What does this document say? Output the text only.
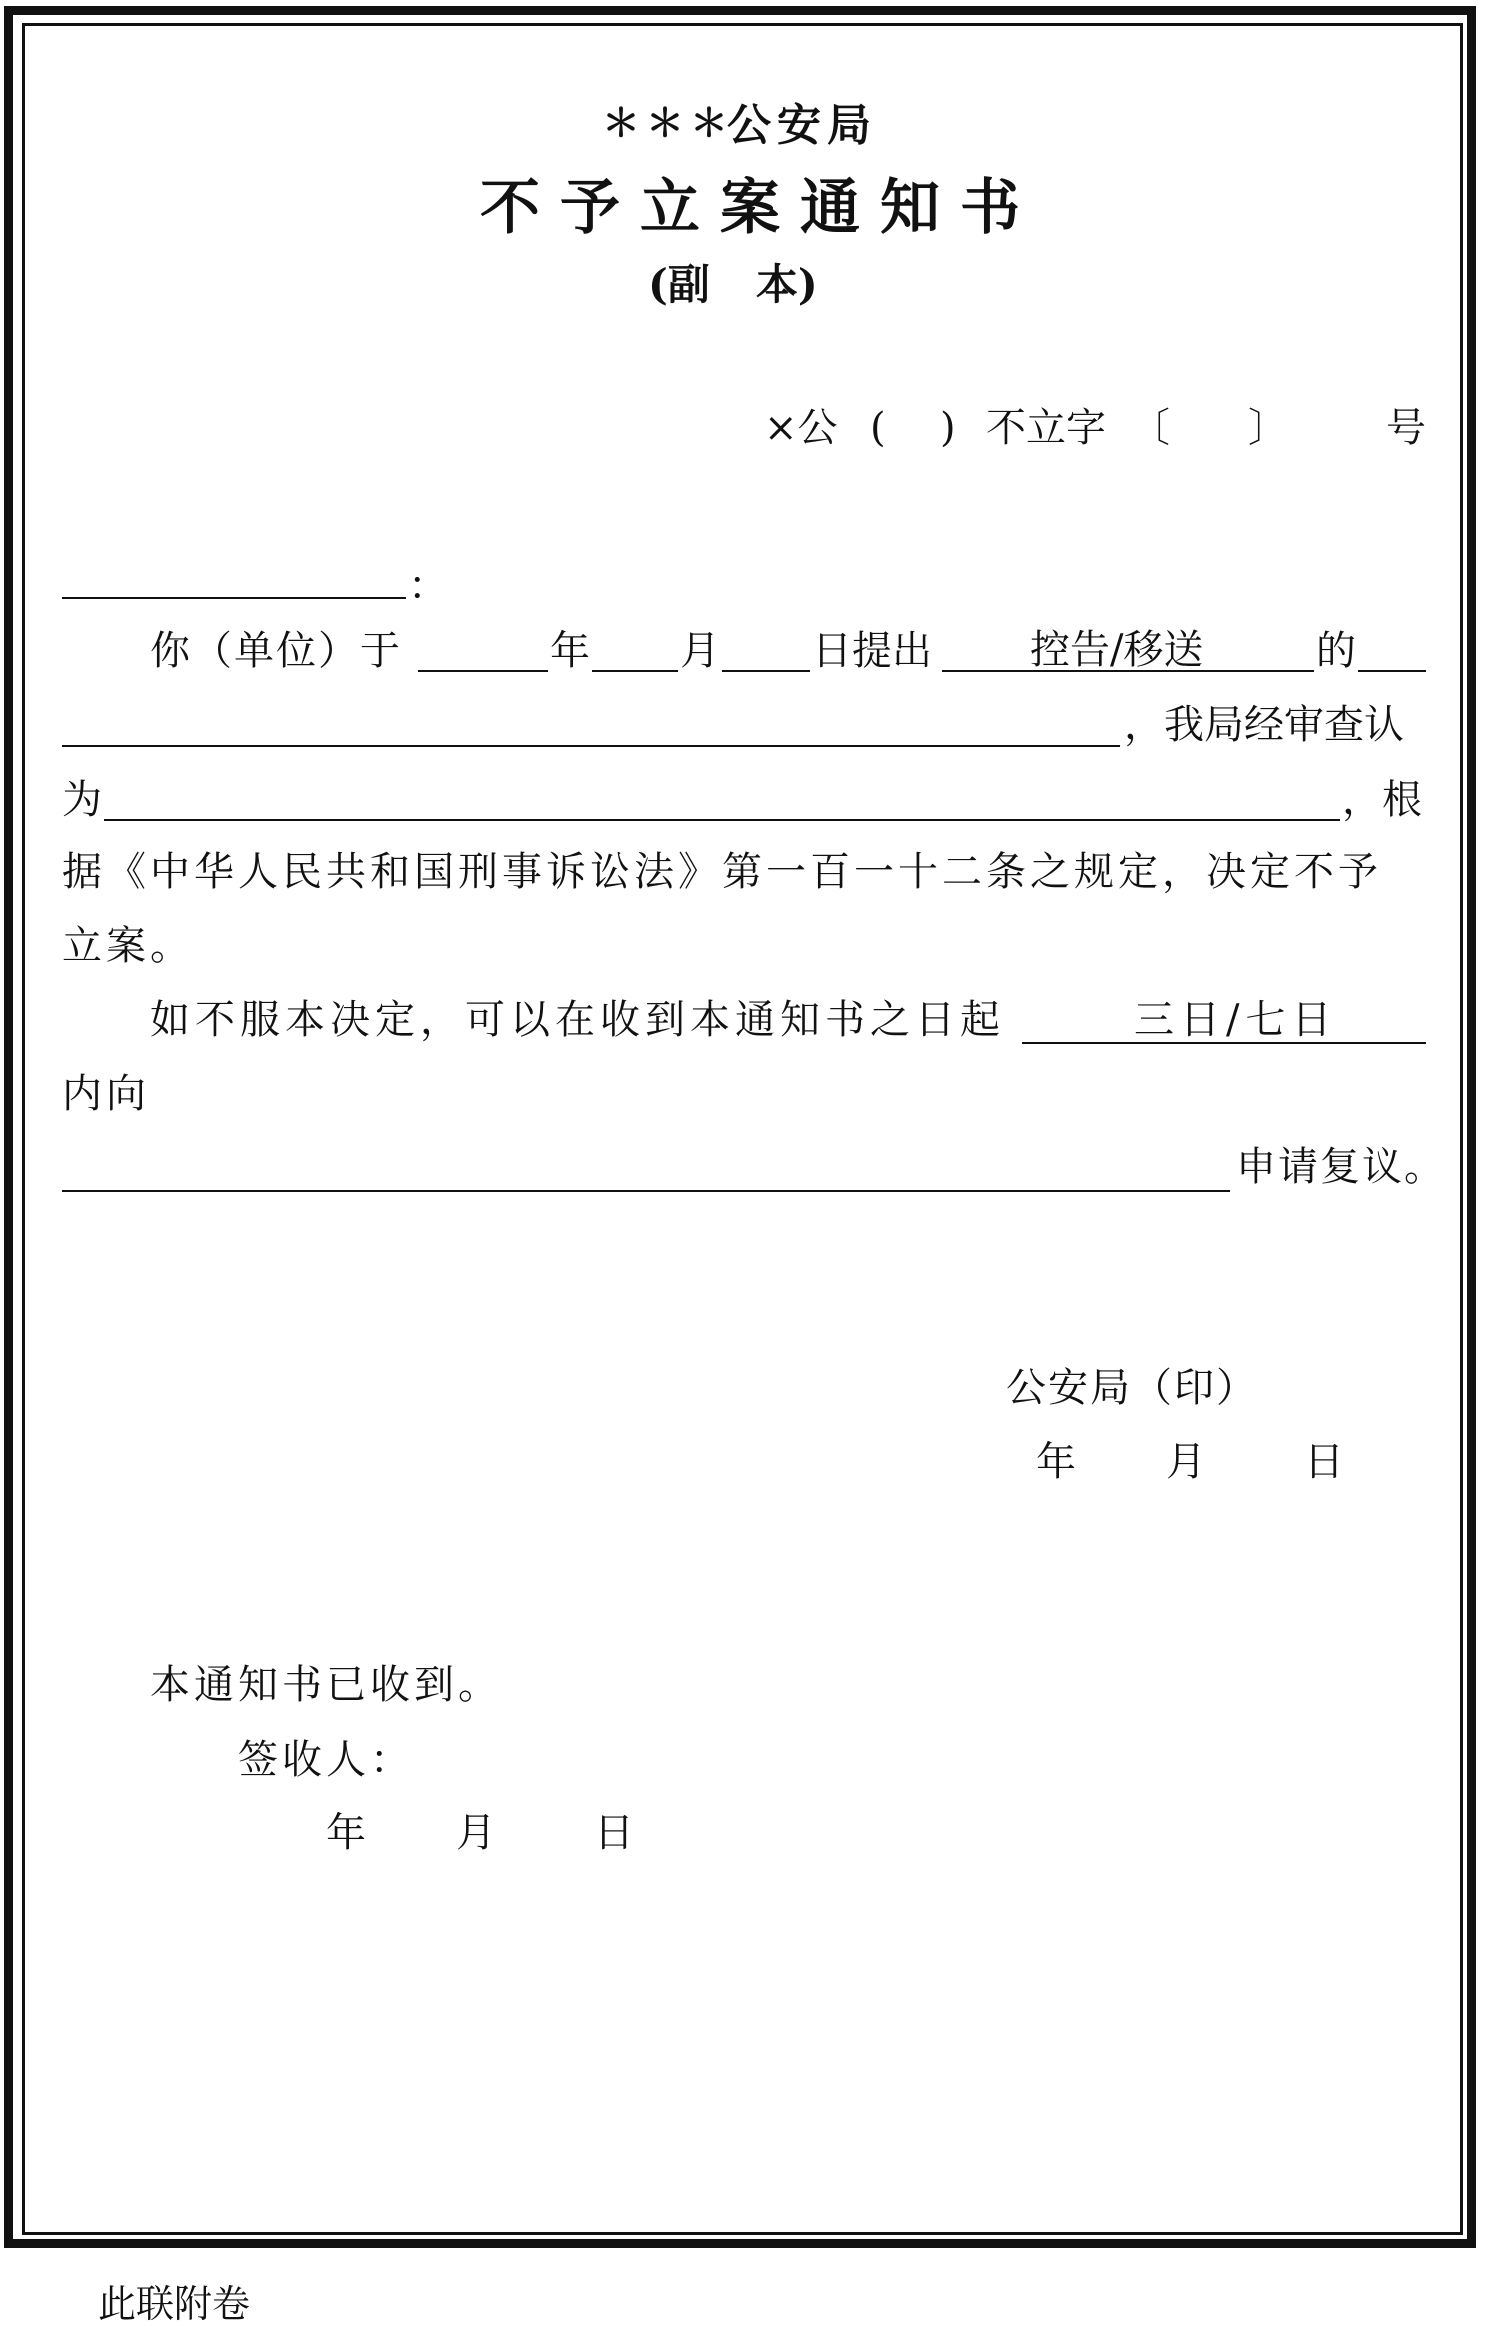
＊＊＊
公安局
不予立案通知书
(副 本)
×公 ( ) 不立字 〔 〕 号
：
你（单位）于	年 月 日提出 控告/移送	的
，我局经审查认
为	，根
据《中华人民共和国刑事诉讼法》第一百一十二条之规定，决定不予
立案。
如不服本决定，可以在收到本通知书之日起	三日/七日
内向
申请复议。
公安局（印）
年 月 日
本通知书已收到。
签收人：
年 月 日
此联附卷
